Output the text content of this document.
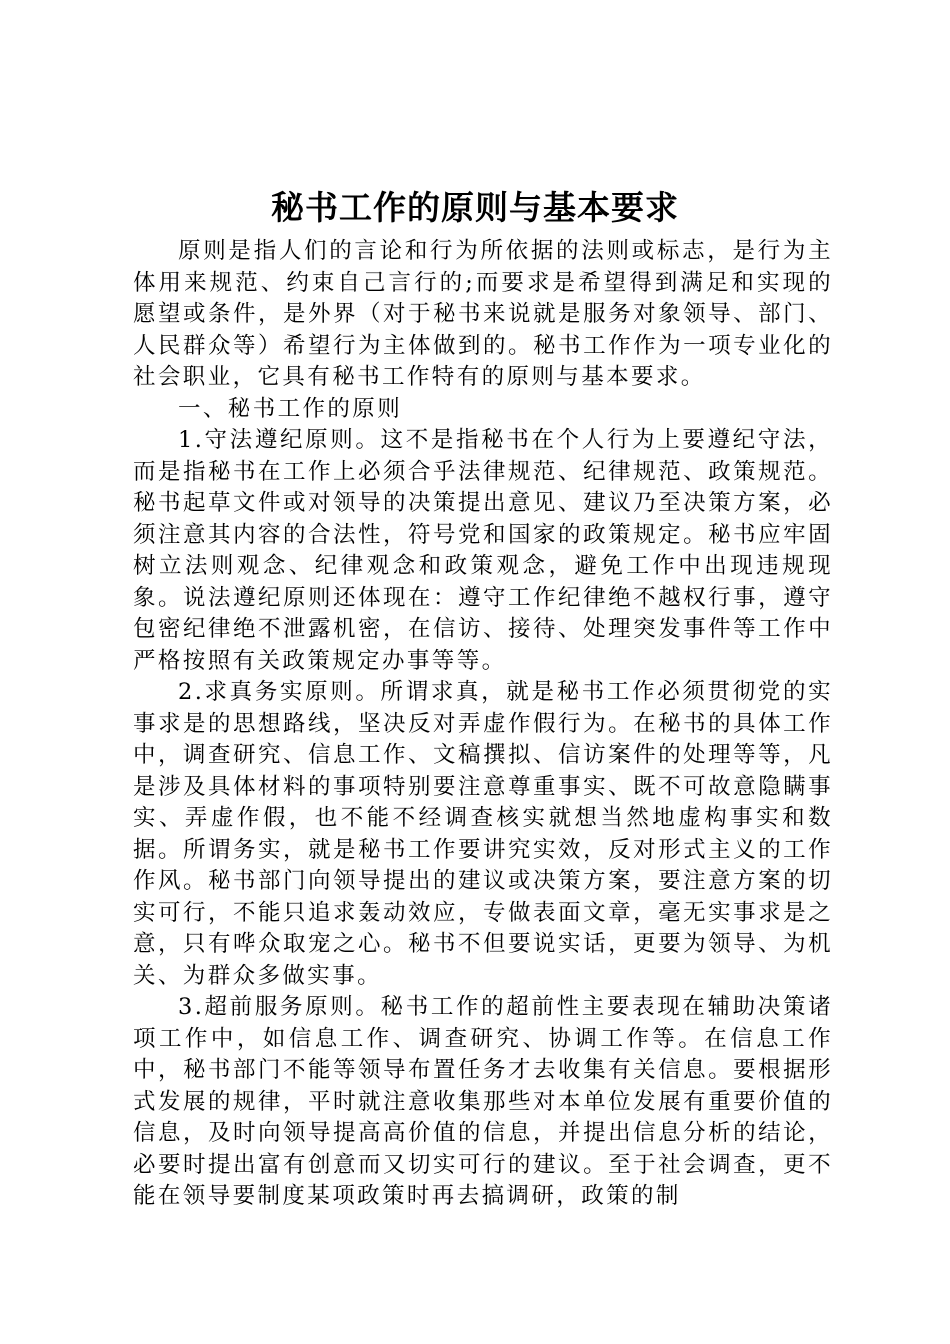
秘书工作的原则与基本要求

原则是指人们的言论和行为所依据的法则或标志，是行为主体用来规范、约束自己言行的;而要求是希望得到满足和实现的愿望或条件，是外界（对于秘书来说就是服务对象领导、部门、人民群众等）希望行为主体做到的。秘书工作作为一项专业化的社会职业，它具有秘书工作特有的原则与基本要求。

一、秘书工作的原则

1.守法遵纪原则。这不是指秘书在个人行为上要遵纪守法，而是指秘书在工作上必须合乎法律规范、纪律规范、政策规范。秘书起草文件或对领导的决策提出意见、建议乃至决策方案，必须注意其内容的合法性，符号党和国家的政策规定。秘书应牢固树立法则观念、纪律观念和政策观念，避免工作中出现违规现象。说法遵纪原则还体现在：遵守工作纪律绝不越权行事，遵守包密纪律绝不泄露机密，在信访、接待、处理突发事件等工作中严格按照有关政策规定办事等等。

2.求真务实原则。所谓求真，就是秘书工作必须贯彻党的实事求是的思想路线，坚决反对弄虚作假行为。在秘书的具体工作中，调查研究、信息工作、文稿撰拟、信访案件的处理等等，凡是涉及具体材料的事项特别要注意尊重事实、既不可故意隐瞒事实、弄虚作假，也不能不经调查核实就想当然地虚构事实和数据。所谓务实，就是秘书工作要讲究实效，反对形式主义的工作作风。秘书部门向领导提出的建议或决策方案，要注意方案的切实可行，不能只追求轰动效应，专做表面文章，毫无实事求是之意，只有哗众取宠之心。秘书不但要说实话，更要为领导、为机关、为群众多做实事。

3.超前服务原则。秘书工作的超前性主要表现在辅助决策诸项工作中，如信息工作、调查研究、协调工作等。在信息工作中，秘书部门不能等领导布置任务才去收集有关信息。要根据形式发展的规律，平时就注意收集那些对本单位发展有重要价值的信息，及时向领导提高高价值的信息，并提出信息分析的结论，必要时提出富有创意而又切实可行的建议。至于社会调查，更不能在领导要制度某项政策时再去搞调研，政策的制
